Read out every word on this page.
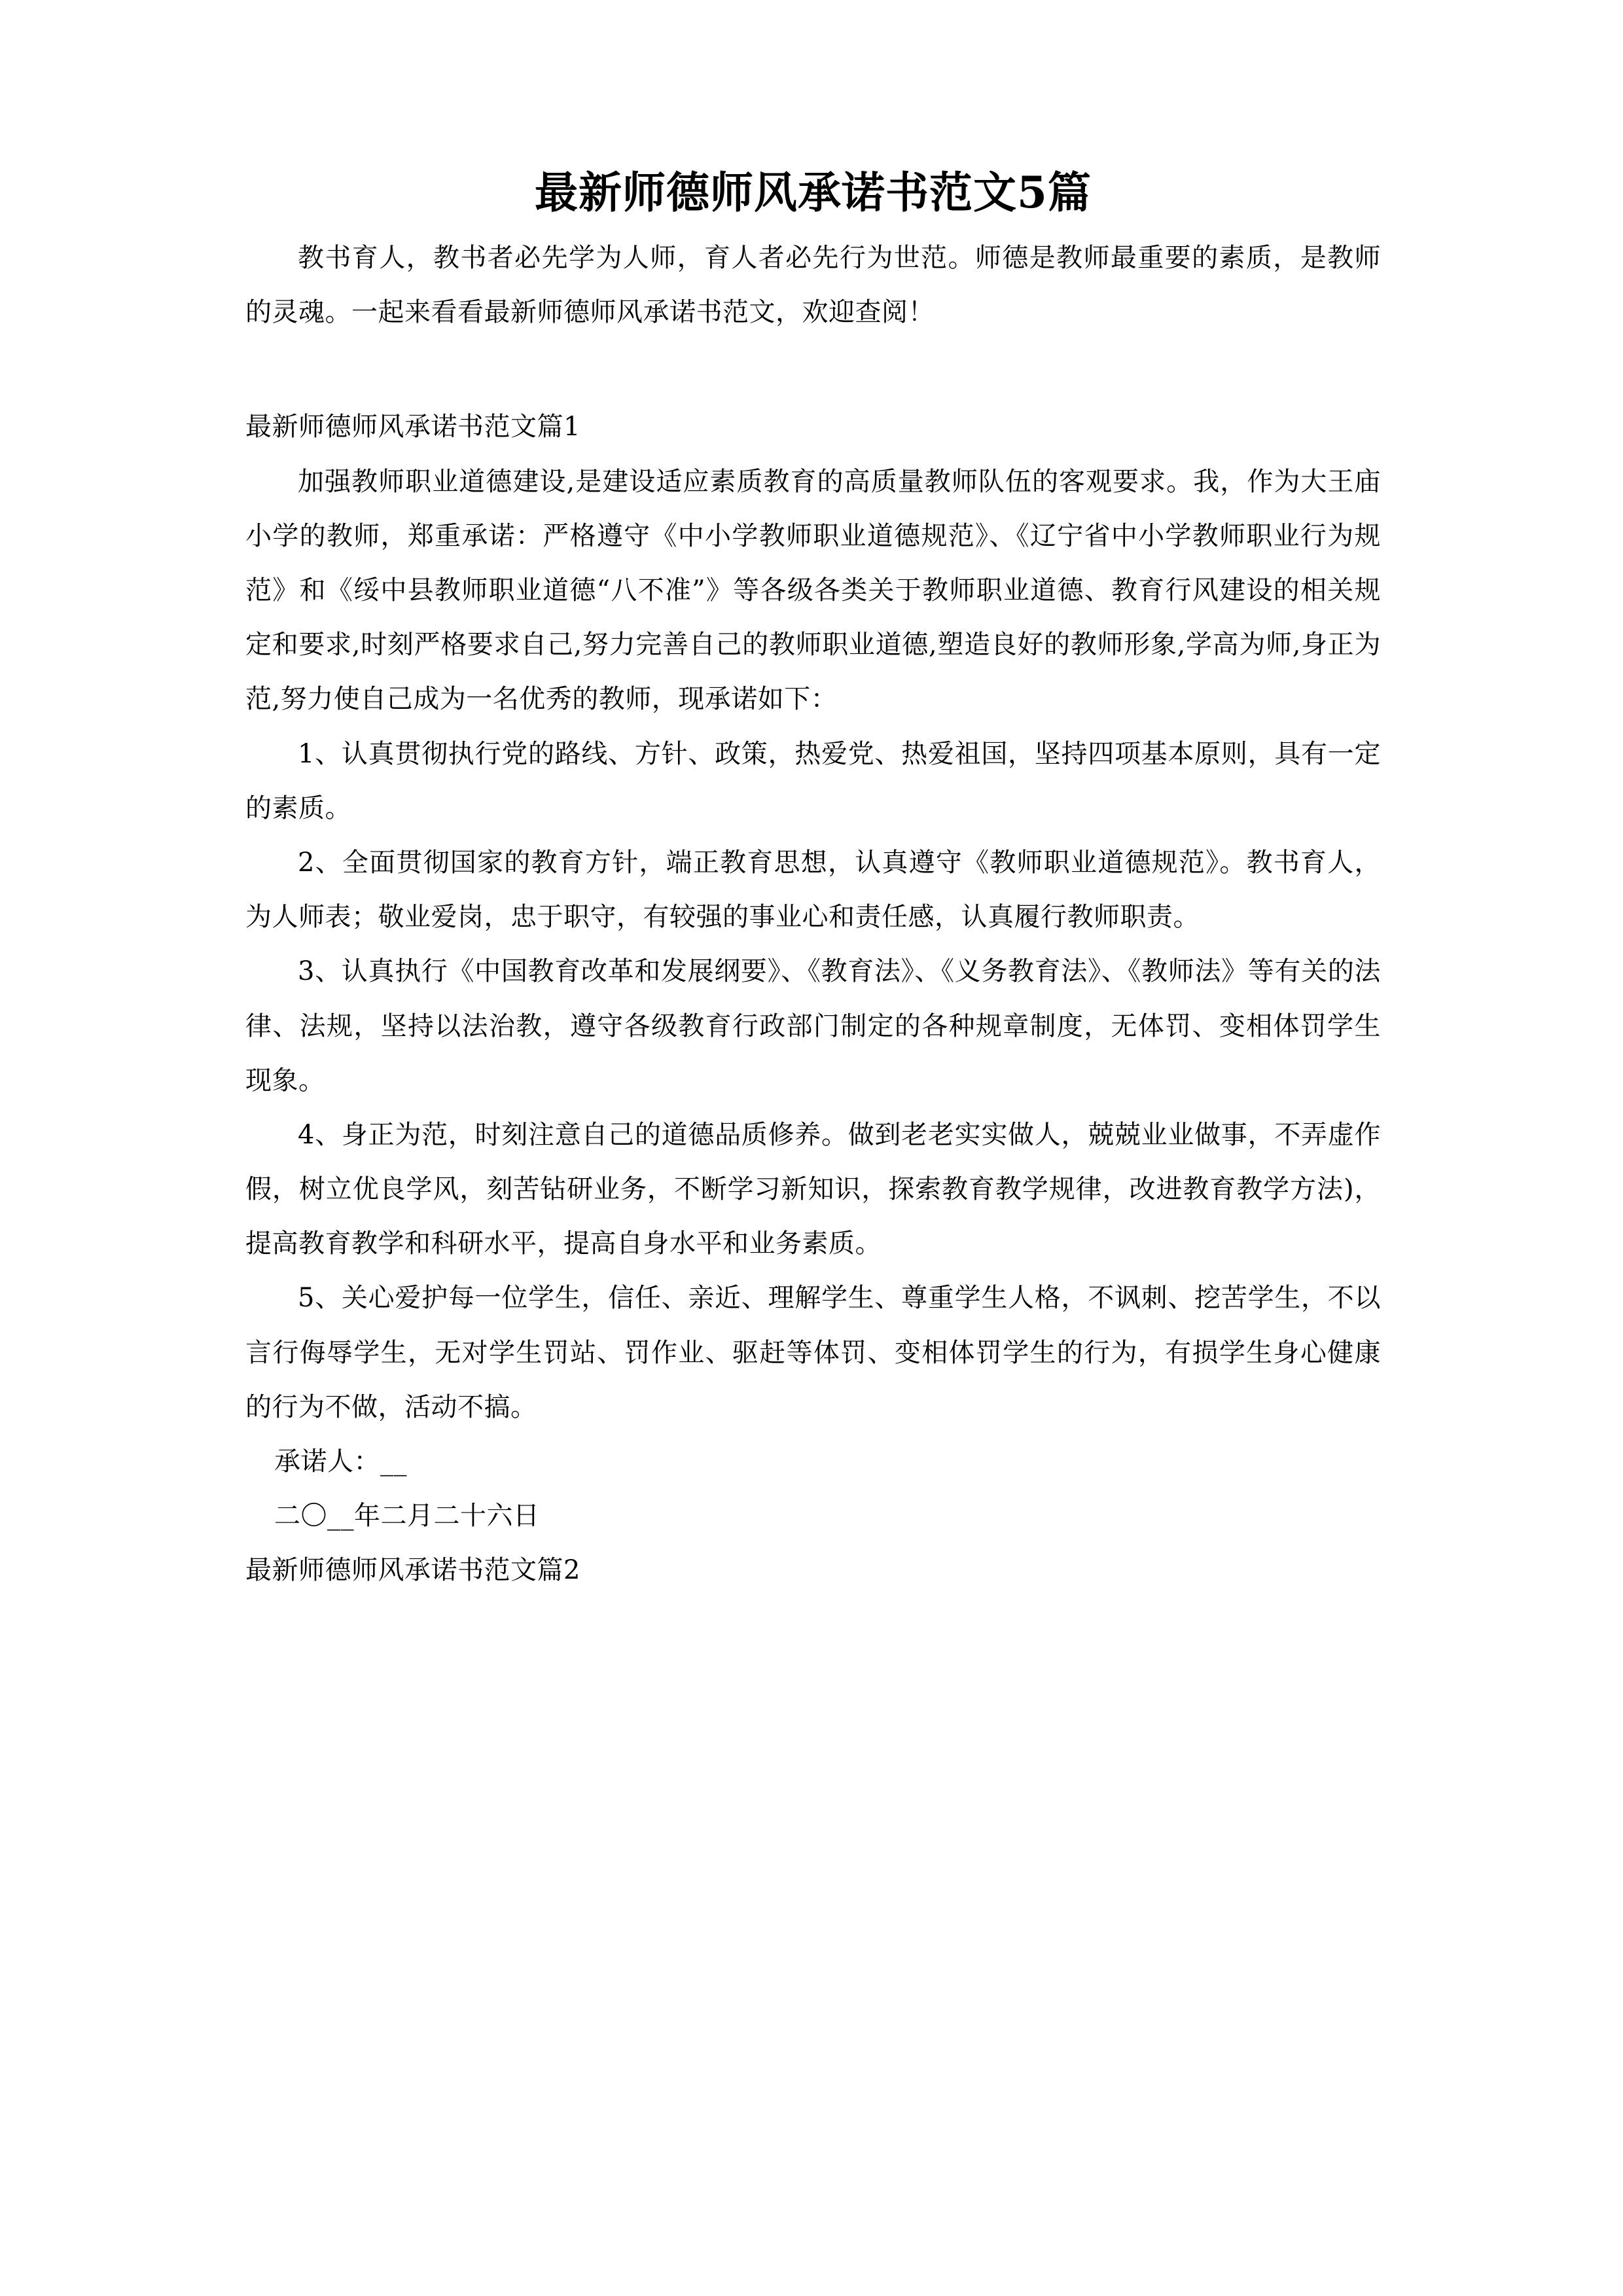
最新师德师风承诺书范文5篇

教书育人，教书者必先学为人师，育人者必先行为世范。师德是教师最重要的素质，是教师的灵魂。一起来看看最新师德师风承诺书范文，欢迎查阅！

最新师德师风承诺书范文篇1

加强教师职业道德建设,是建设适应素质教育的高质量教师队伍的客观要求。我，作为大王庙小学的教师，郑重承诺：严格遵守《中小学教师职业道德规范》、《辽宁省中小学教师职业行为规范》和《绥中县教师职业道德“八不准”》等各级各类关于教师职业道德、教育行风建设的相关规定和要求,时刻严格要求自己,努力完善自己的教师职业道德,塑造良好的教师形象,学高为师,身正为范,努力使自己成为一名优秀的教师，现承诺如下：

1、认真贯彻执行党的路线、方针、政策，热爱党、热爱祖国，坚持四项基本原则，具有一定的素质。

2、全面贯彻国家的教育方针，端正教育思想，认真遵守《教师职业道德规范》。教书育人，为人师表；敬业爱岗，忠于职守，有较强的事业心和责任感，认真履行教师职责。

3、认真执行《中国教育改革和发展纲要》、《教育法》、《义务教育法》、《教师法》等有关的法律、法规，坚持以法治教，遵守各级教育行政部门制定的各种规章制度，无体罚、变相体罚学生现象。

4、身正为范，时刻注意自己的道德品质修养。做到老老实实做人，兢兢业业做事，不弄虚作假，树立优良学风，刻苦钻研业务，不断学习新知识，探索教育教学规律，改进教育教学方法)，提高教育教学和科研水平，提高自身水平和业务素质。

5、关心爱护每一位学生，信任、亲近、理解学生、尊重学生人格，不讽刺、挖苦学生，不以言行侮辱学生，无对学生罚站、罚作业、驱赶等体罚、变相体罚学生的行为，有损学生身心健康的行为不做，活动不搞。

承诺人：__

二〇__年二月二十六日

最新师德师风承诺书范文篇2
